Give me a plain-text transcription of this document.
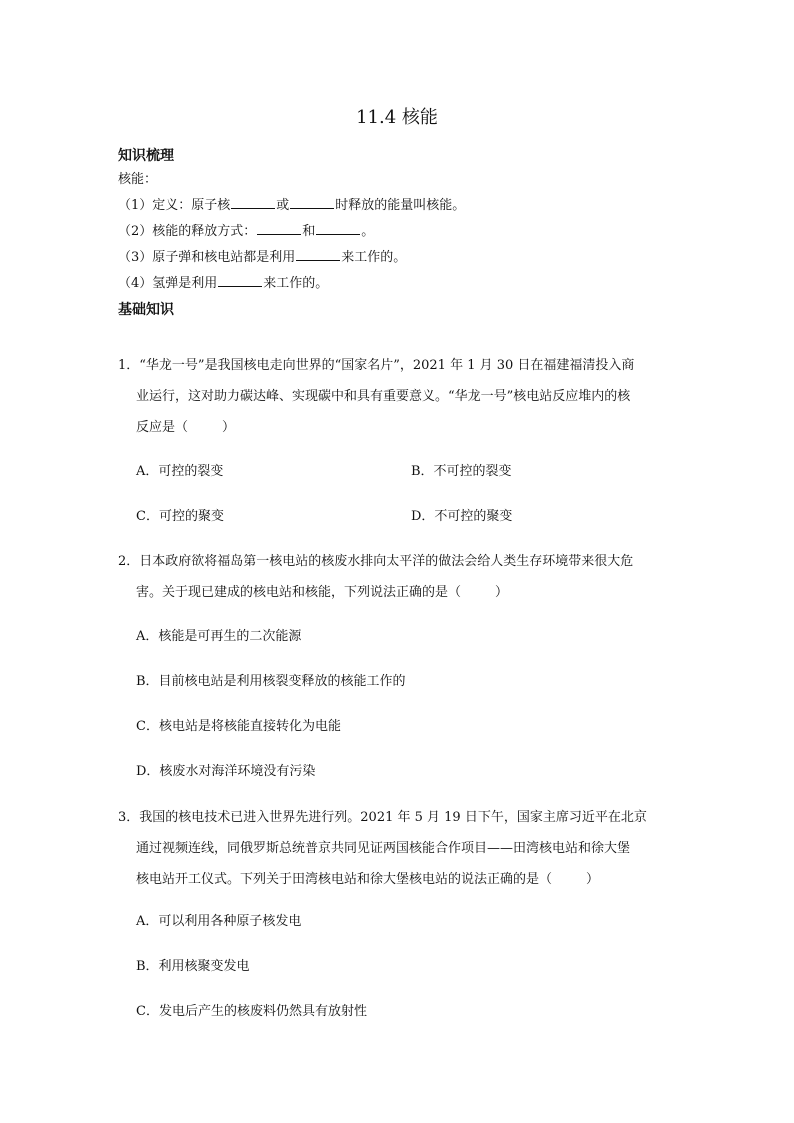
11.4 核能
知识梳理
核能：
（1）定义：原子核	或	时释放的能量叫核能。
（2）核能的释放方式：	和	。
（3）原子弹和核电站都是利用	来工作的。
（4）氢弹是利用	来工作的。
基础知识
1．“华龙一号”是我国核电走向世界的“国家名片”，2021 年 1 月 30 日在福建福清投入商
业运行，这对助力碳达峰、实现碳中和具有重要意义。“华龙一号”核电站反应堆内的核
反应是（	）
A．可控的裂变	B．不可控的裂变
C．可控的聚变	D．不可控的聚变
2．日本政府欲将福岛第一核电站的核废水排向太平洋的做法会给人类生存环境带来很大危
害。关于现已建成的核电站和核能，下列说法正确的是（	）
A．核能是可再生的二次能源
B．目前核电站是利用核裂变释放的核能工作的
C．核电站是将核能直接转化为电能
D．核废水对海洋环境没有污染
3．我国的核电技术已进入世界先进行列。2021 年 5 月 19 日下午，国家主席习近平在北京
通过视频连线，同俄罗斯总统普京共同见证两国核能合作项目——田湾核电站和徐大堡
核电站开工仪式。下列关于田湾核电站和徐大堡核电站的说法正确的是（	）
A．可以利用各种原子核发电
B．利用核聚变发电
C．发电后产生的核废料仍然具有放射性
